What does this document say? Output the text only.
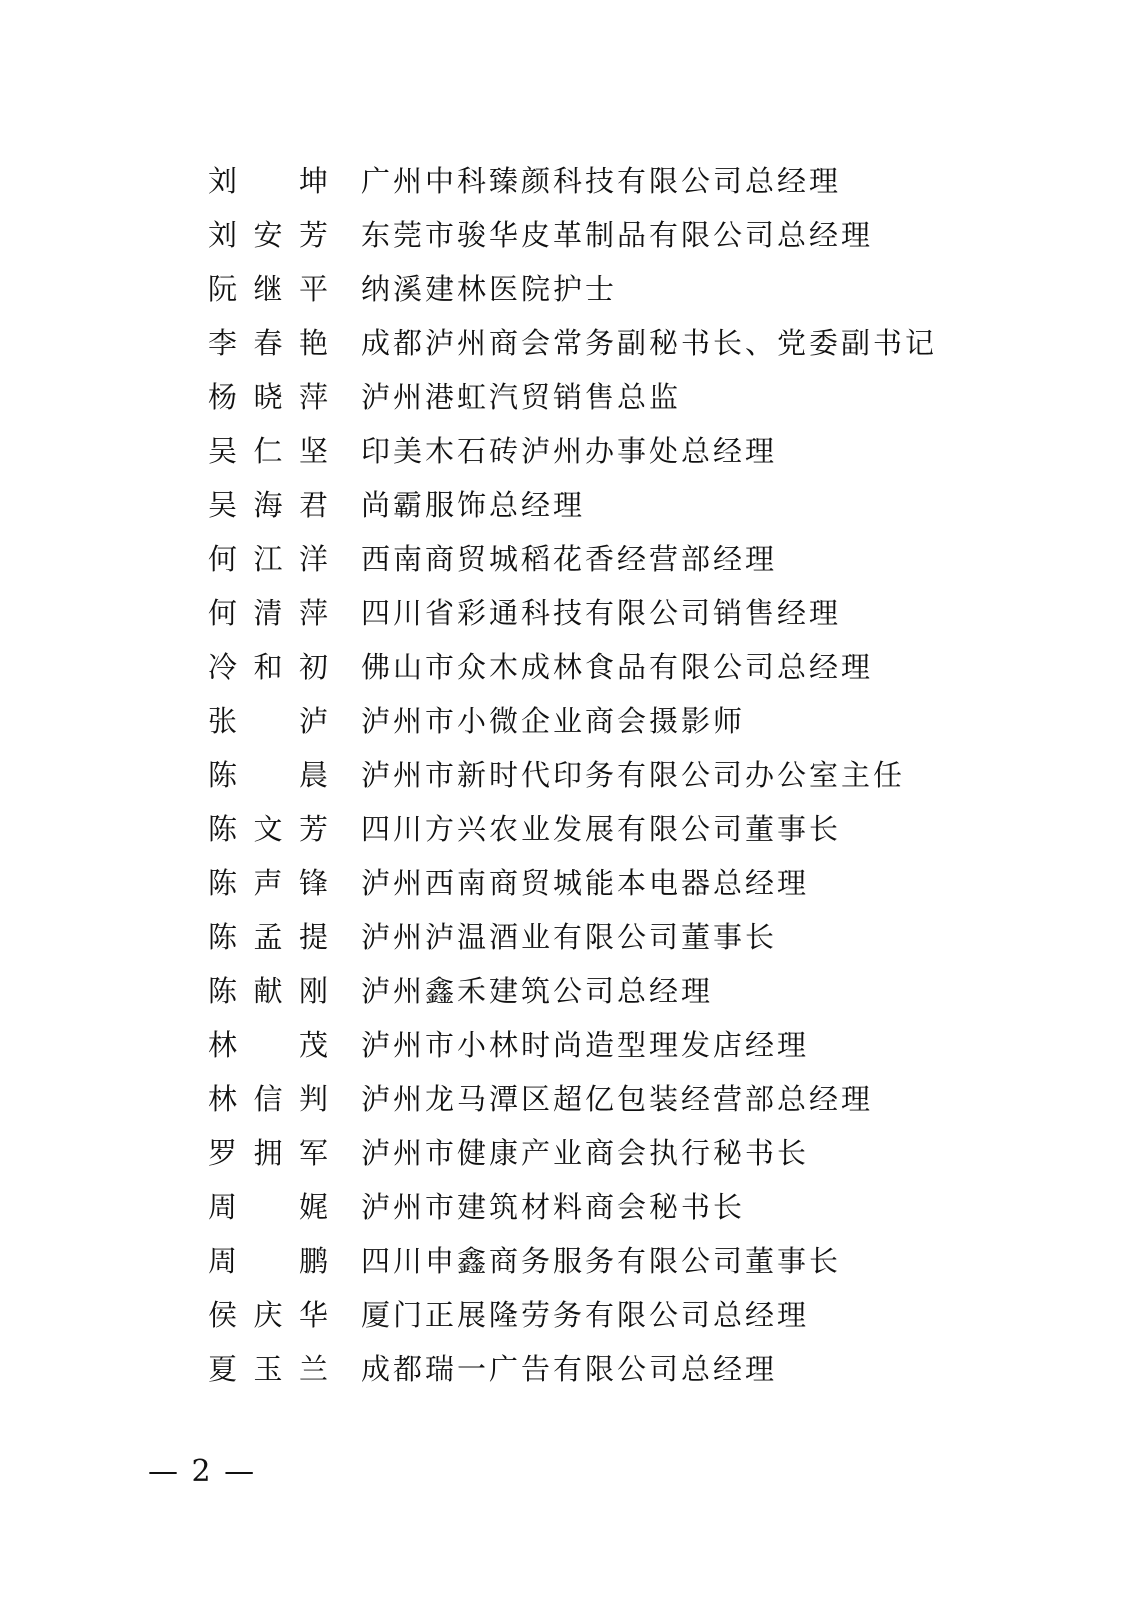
刘　坤 广州中科臻颜科技有限公司总经理
刘安芳 东莞市骏华皮革制品有限公司总经理
阮继平 纳溪建林医院护士
李春艳 成都泸州商会常务副秘书长、党委副书记
杨晓萍 泸州港虹汽贸销售总监
吴仁坚 印美木石砖泸州办事处总经理
吴海君 尚霸服饰总经理
何江洋 西南商贸城稻花香经营部经理
何清萍 四川省彩通科技有限公司销售经理
冷和初 佛山市众木成林食品有限公司总经理
张　泸 泸州市小微企业商会摄影师
陈　晨 泸州市新时代印务有限公司办公室主任
陈文芳 四川方兴农业发展有限公司董事长
陈声锋 泸州西南商贸城能本电器总经理
陈孟提 泸州泸温酒业有限公司董事长
陈献刚 泸州鑫禾建筑公司总经理
林　茂 泸州市小林时尚造型理发店经理
林信判 泸州龙马潭区超亿包装经营部总经理
罗拥军 泸州市健康产业商会执行秘书长
周　娓 泸州市建筑材料商会秘书长
周　鹏 四川申鑫商务服务有限公司董事长
侯庆华 厦门正展隆劳务有限公司总经理
夏玉兰 成都瑞一广告有限公司总经理
— 2 —
